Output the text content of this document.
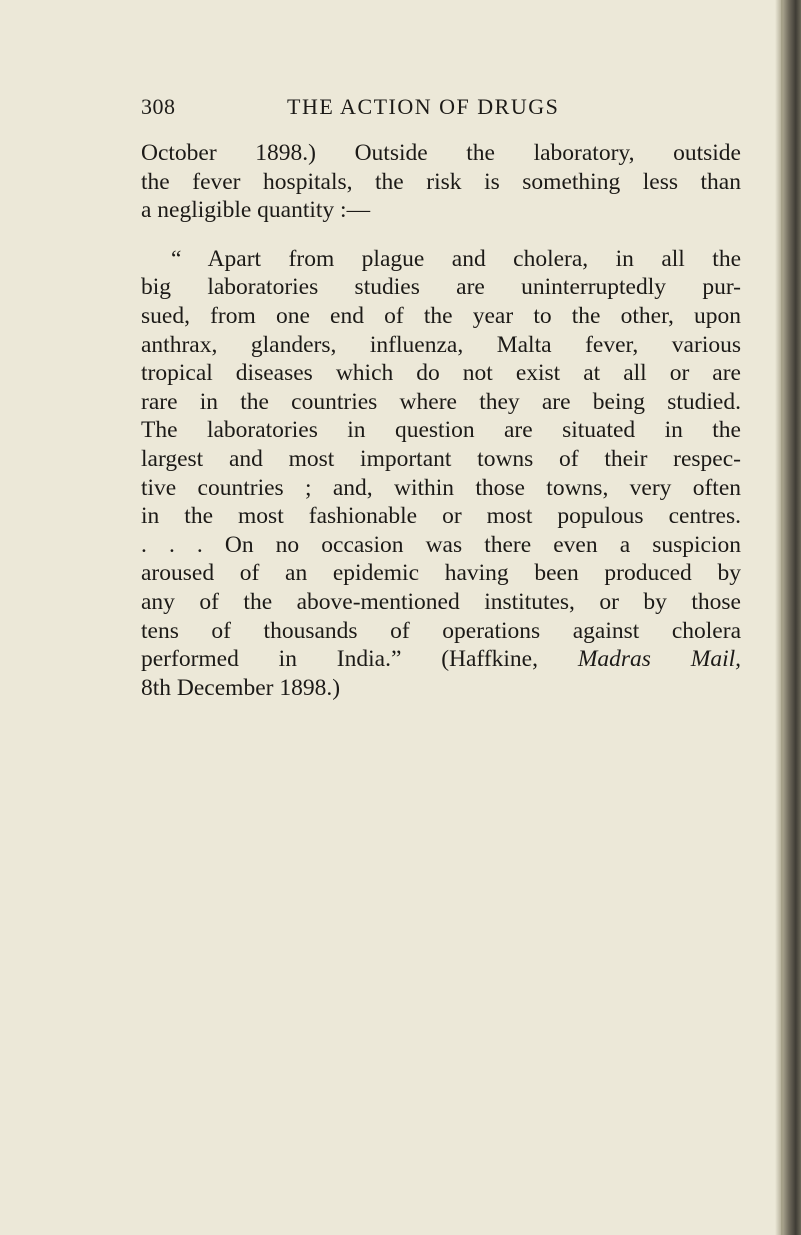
308	THE ACTION OF DRUGS
October 1898.) Outside the laboratory, outside
the fever hospitals, the risk is something less than
a negligible quantity :—
“ Apart from plague and cholera, in all the
big laboratories studies are uninterruptedly pur-
sued, from one end of the year to the other, upon
anthrax, glanders, influenza, Malta fever, various
tropical diseases which do not exist at all or are
rare in the countries where they are being studied.
The laboratories in question are situated in the
largest and most important towns of their respec-
tive countries ; and, within those towns, very often
in the most fashionable or most populous centres.
. . . On no occasion was there even a suspicion
aroused of an epidemic having been produced by
any of the above-mentioned institutes, or by those
tens of thousands of operations against cholera
performed in India.” (Haffkine, Madras Mail,
8th December 1898.)
